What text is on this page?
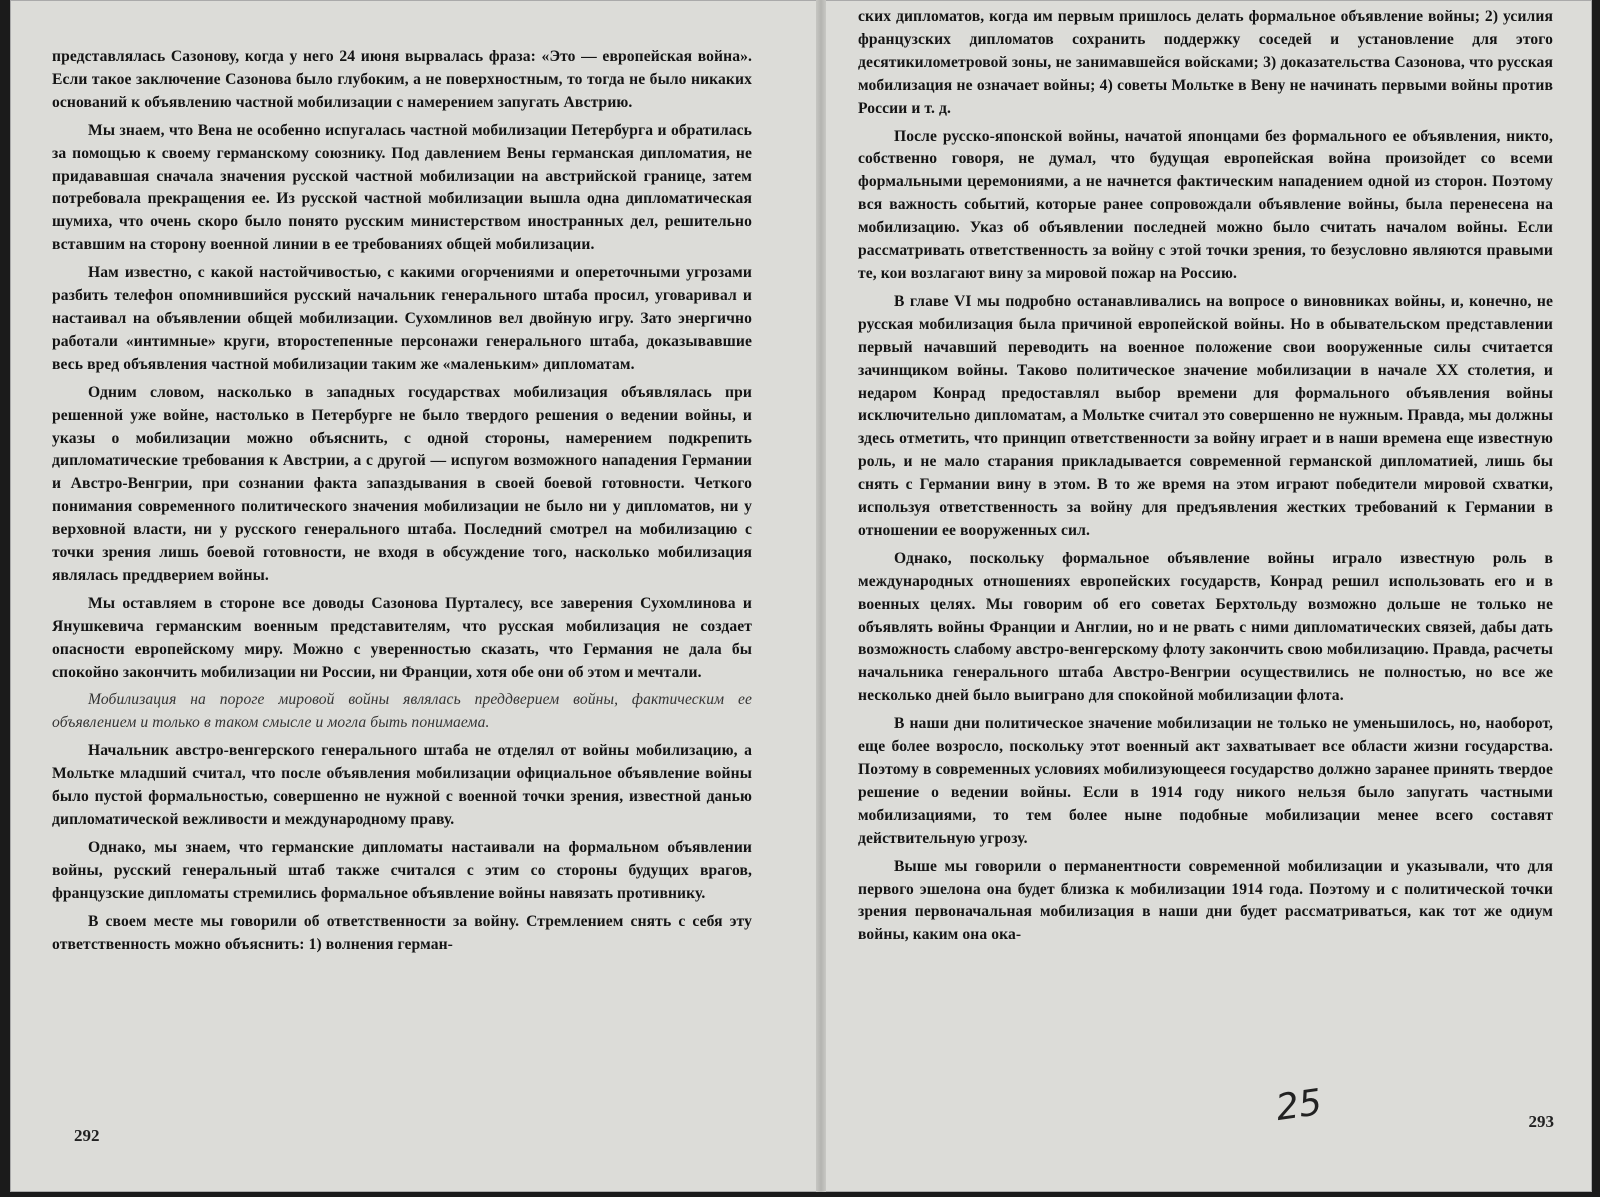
представлялась Сазонову, когда у него 24 июня вырвалась фраза: «Это — европейская война». Если такое заключение Сазонова было глубоким, а не поверхностным, то тогда не было никаких оснований к объявлению частной мобилизации с намерением запугать Австрию.

Мы знаем, что Вена не особенно испугалась частной мобилизации Петербурга и обратилась за помощью к своему германскому союзнику. Под давлением Вены германская дипломатия, не придававшая сначала значения русской частной мобилизации на австрийской границе, затем потребовала прекращения ее. Из русской частной мобилизации вышла одна дипломатическая шумиха, что очень скоро было понято русским министерством иностранных дел, решительно вставшим на сторону военной линии в ее требованиях общей мобилизации.

Нам известно, с какой настойчивостью, с какими огорчениями и опереточными угрозами разбить телефон опомнившийся русский начальник генерального штаба просил, уговаривал и настаивал на объявлении общей мобилизации. Сухомлинов вел двойную игру. Зато энергично работали «интимные» круги, второстепенные персонажи генерального штаба, доказывавшие весь вред объявления частной мобилизации таким же «маленьким» дипломатам.

Одним словом, насколько в западных государствах мобилизация объявлялась при решенной уже войне, настолько в Петербурге не было твердого решения о ведении войны, и указы о мобилизации можно объяснить, с одной стороны, намерением подкрепить дипломатические требования к Австрии, а с другой — испугом возможного нападения Германии и Австро-Венгрии, при сознании факта запаздывания в своей боевой готовности. Четкого понимания современного политического значения мобилизации не было ни у дипломатов, ни у верховной власти, ни у русского генерального штаба. Последний смотрел на мобилизацию с точки зрения лишь боевой готовности, не входя в обсуждение того, насколько мобилизация являлась преддверием войны.

Мы оставляем в стороне все доводы Сазонова Пурталесу, все заверения Сухомлинова и Янушкевича германским военным представителям, что русская мобилизация не создает опасности европейскому миру. Можно с уверенностью сказать, что Германия не дала бы спокойно закончить мобилизации ни России, ни Франции, хотя обе они об этом и мечтали.

Мобилизация на пороге мировой войны являлась преддверием войны, фактическим ее объявлением и только в таком смысле и могла быть понимаема.

Начальник австро-венгерского генерального штаба не отделял от войны мобилизацию, а Мольтке младший считал, что после объявления мобилизации официальное объявление войны было пустой формальностью, совершенно не нужной с военной точки зрения, известной данью дипломатической вежливости и международному праву.

Однако, мы знаем, что германские дипломаты настаивали на формальном объявлении войны, русский генеральный штаб также считался с этим со стороны будущих врагов, французские дипломаты стремились формальное объявление войны навязать противнику.

В своем месте мы говорили об ответственности за войну. Стремлением снять с себя эту ответственность можно объяснить: 1) волнения герман-

292

ских дипломатов, когда им первым пришлось делать формальное объявление войны; 2) усилия французских дипломатов сохранить поддержку соседей и установление для этого десятикилометровой зоны, не занимавшейся войсками; 3) доказательства Сазонова, что русская мобилизация не означает войны; 4) советы Мольтке в Вену не начинать первыми войны против России и т. д.

После русско-японской войны, начатой японцами без формального ее объявления, никто, собственно говоря, не думал, что будущая европейская война произойдет со всеми формальными церемониями, а не начнется фактическим нападением одной из сторон. Поэтому вся важность событий, которые ранее сопровождали объявление войны, была перенесена на мобилизацию. Указ об объявлении последней можно было считать началом войны. Если рассматривать ответственность за войну с этой точки зрения, то безусловно являются правыми те, кои возлагают вину за мировой пожар на Россию.

В главе VI мы подробно останавливались на вопросе о виновниках войны, и, конечно, не русская мобилизация была причиной европейской войны. Но в обывательском представлении первый начавший переводить на военное положение свои вооруженные силы считается зачинщиком войны. Таково политическое значение мобилизации в начале XX столетия, и недаром Конрад предоставлял выбор времени для формального объявления войны исключительно дипломатам, а Мольтке считал это совершенно не нужным. Правда, мы должны здесь отметить, что принцип ответственности за войну играет и в наши времена еще известную роль, и не мало старания прикладывается современной германской дипломатией, лишь бы снять с Германии вину в этом. В то же время на этом играют победители мировой схватки, используя ответственность за войну для предъявления жестких требований к Германии в отношении ее вооруженных сил.

Однако, поскольку формальное объявление войны играло известную роль в международных отношениях европейских государств, Конрад решил использовать его и в военных целях. Мы говорим об его советах Берхтольду возможно дольше не только не объявлять войны Франции и Англии, но и не рвать с ними дипломатических связей, дабы дать возможность слабому австро-венгерскому флоту закончить свою мобилизацию. Правда, расчеты начальника генерального штаба Австро-Венгрии осуществились не полностью, но все же несколько дней было выиграно для спокойной мобилизации флота.

В наши дни политическое значение мобилизации не только не уменьшилось, но, наоборот, еще более возросло, поскольку этот военный акт захватывает все области жизни государства. Поэтому в современных условиях мобилизующееся государство должно заранее принять твердое решение о ведении войны. Если в 1914 году никого нельзя было запугать частными мобилизациями, то тем более ныне подобные мобилизации менее всего составят действительную угрозу.

Выше мы говорили о перманентности современной мобилизации и указывали, что для первого эшелона она будет близка к мобилизации 1914 года. Поэтому и с политической точки зрения первоначальная мобилизация в наши дни будет рассматриваться, как тот же одиум войны, каким она ока-

25	293
